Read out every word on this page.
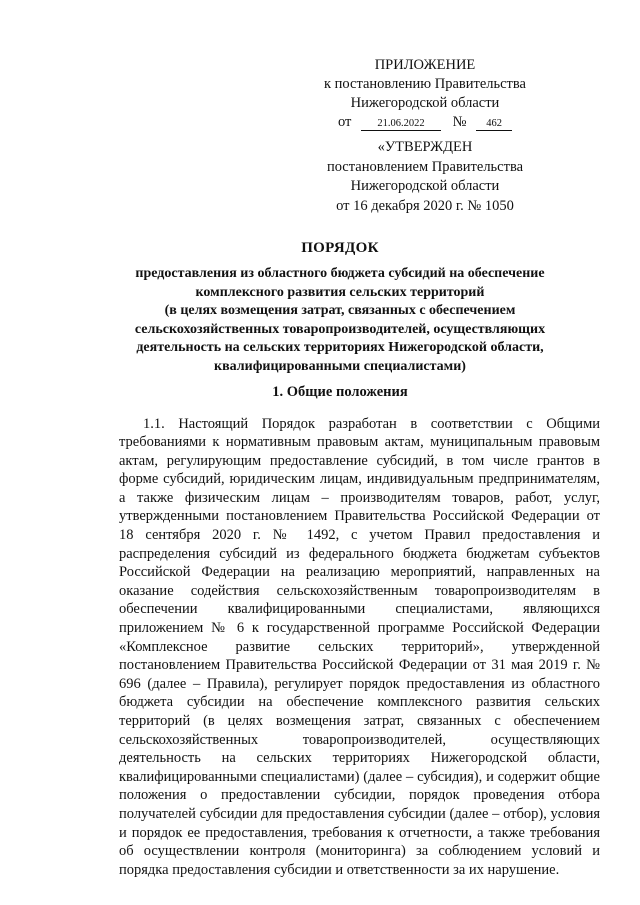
ПРИЛОЖЕНИЕ
к постановлению Правительства
Нижегородской области
от 21.06.2022 № 462
«УТВЕРЖДЕН
постановлением Правительства
Нижегородской области
от 16 декабря 2020 г. № 1050
ПОРЯДОК
предоставления из областного бюджета субсидий на обеспечение
комплексного развития сельских территорий
(в целях возмещения затрат, связанных с обеспечением
сельскохозяйственных товаропроизводителей, осуществляющих
деятельность на сельских территориях Нижегородской области,
квалифицированными специалистами)
1. Общие положения

1.1. Настоящий Порядок разработан в соответствии с Общими требованиями к нормативным правовым актам, муниципальным правовым актам, регулирующим предоставление субсидий, в том числе грантов в форме субсидий, юридическим лицам, индивидуальным предпринимателям, а также физическим лицам – производителям товаров, работ, услуг, утвержденными постановлением Правительства Российской Федерации от 18 сентября 2020 г. № 1492, с учетом Правил предоставления и распределения субсидий из федерального бюджета бюджетам субъектов Российской Федерации на реализацию мероприятий, направленных на оказание содействия сельскохозяйственным товаропроизводителям в обеспечении квалифицированными специалистами, являющихся приложением № 6 к государственной программе Российской Федерации «Комплексное развитие сельских территорий», утвержденной постановлением Правительства Российской Федерации от 31 мая 2019 г. № 696 (далее – Правила), регулирует порядок предоставления из областного бюджета субсидии на обеспечение комплексного развития сельских территорий (в целях возмещения затрат, связанных с обеспечением сельскохозяйственных товаропроизводителей, осуществляющих деятельность на сельских территориях Нижегородской области, квалифицированными специалистами) (далее – субсидия), и содержит общие положения о предоставлении субсидии, порядок проведения отбора получателей субсидии для предоставления субсидии (далее – отбор), условия и порядок ее предоставления, требования к отчетности, а также требования об осуществлении контроля (мониторинга) за соблюдением условий и порядка предоставления субсидии и ответственности за их нарушение.
